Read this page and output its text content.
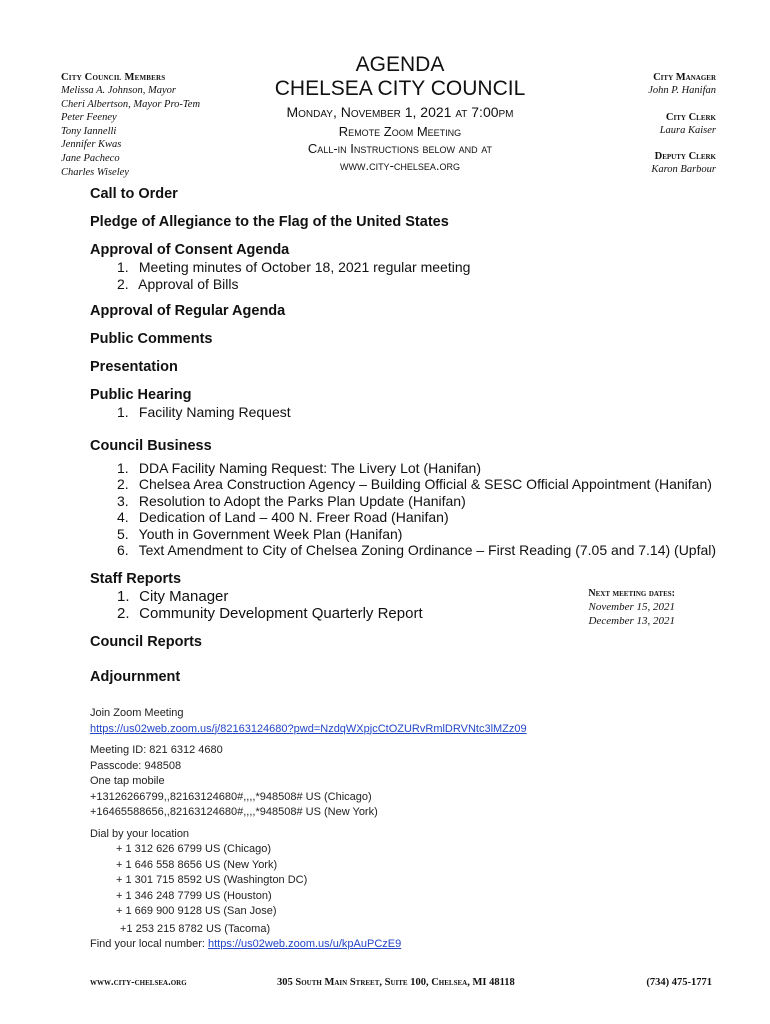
City Council Members
Melissa A. Johnson, Mayor
Cheri Albertson, Mayor Pro-Tem
Peter Feeney
Tony Iannelli
Jennifer Kwas
Jane Pacheco
Charles Wiseley
AGENDA
CHELSEA CITY COUNCIL
Monday, November 1, 2021 at 7:00pm
Remote Zoom Meeting
Call-in Instructions below and at
www.city-chelsea.org
City Manager
John P. Hanifan
City Clerk
Laura Kaiser
Deputy Clerk
Karon Barbour
Call to Order
Pledge of Allegiance to the Flag of the United States
Approval of Consent Agenda
1. Meeting minutes of October 18, 2021 regular meeting
2. Approval of Bills
Approval of Regular Agenda
Public Comments
Presentation
Public Hearing
1. Facility Naming Request
Council Business
1. DDA Facility Naming Request: The Livery Lot (Hanifan)
2. Chelsea Area Construction Agency – Building Official & SESC Official Appointment (Hanifan)
3. Resolution to Adopt the Parks Plan Update (Hanifan)
4. Dedication of Land – 400 N. Freer Road (Hanifan)
5. Youth in Government Week Plan (Hanifan)
6. Text Amendment to City of Chelsea Zoning Ordinance – First Reading (7.05 and 7.14) (Upfal)
Staff Reports
1. City Manager
2. Community Development Quarterly Report
Council Reports
Adjournment
Next meeting dates:
November 15, 2021
December 13, 2021
Join Zoom Meeting
https://us02web.zoom.us/j/82163124680?pwd=NzdqWXpjcCtOZURvRmlDRVNtc3lMZz09
Meeting ID: 821 6312 4680
Passcode: 948508
One tap mobile
+13126266799,,82163124680#,,,,*948508# US (Chicago)
+16465588656,,82163124680#,,,,*948508# US (New York)
Dial by your location
+ 1 312 626 6799 US (Chicago)
+ 1 646 558 8656 US (New York)
+ 1 301 715 8592 US (Washington DC)
+ 1 346 248 7799 US (Houston)
+ 1 669 900 9128 US (San Jose)
+1 253 215 8782 US (Tacoma)
Find your local number: https://us02web.zoom.us/u/kpAuPCzE9
www.city-chelsea.org	305 South Main Street, Suite 100, Chelsea, MI 48118	(734) 475-1771
